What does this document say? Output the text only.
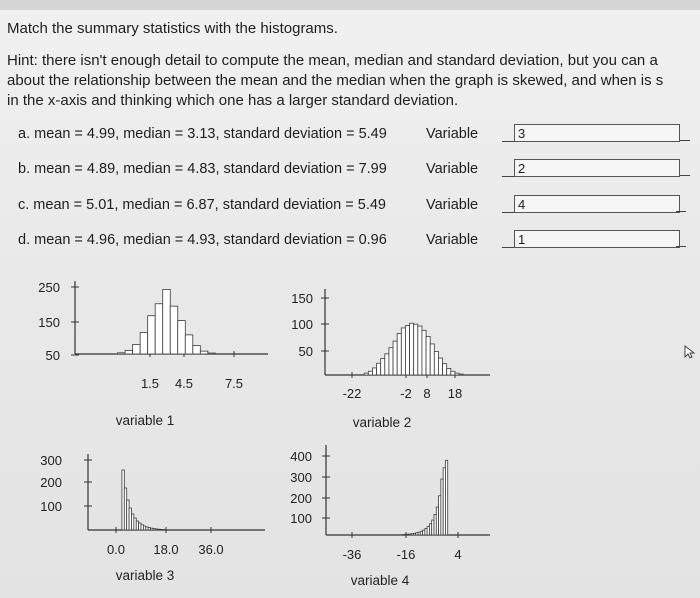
Match the summary statistics with the histograms.
Hint: there isn't enough detail to compute the mean, median and standard deviation, but you can a
about the relationship between the mean and the median when the graph is skewed, and when is s
in the x-axis and thinking which one has a larger standard deviation.
a. mean = 4.99, median = 3.13, standard deviation = 5.49	Variable	3
b. mean = 4.89, median = 4.83, standard deviation = 7.99	Variable	2
c. mean = 5.01, median = 6.87, standard deviation = 5.49	Variable	4
d. mean = 4.96, median = 4.93, standard deviation = 0.96	Variable	1
250
150
50
1.5 4.5 7.5
variable 1
150
100
50
-22	-2 8 18
variable 2
300
200
100
0.0 18.0 36.0
variable 3
400
300
200
100
-36	-16	4
variable 4
